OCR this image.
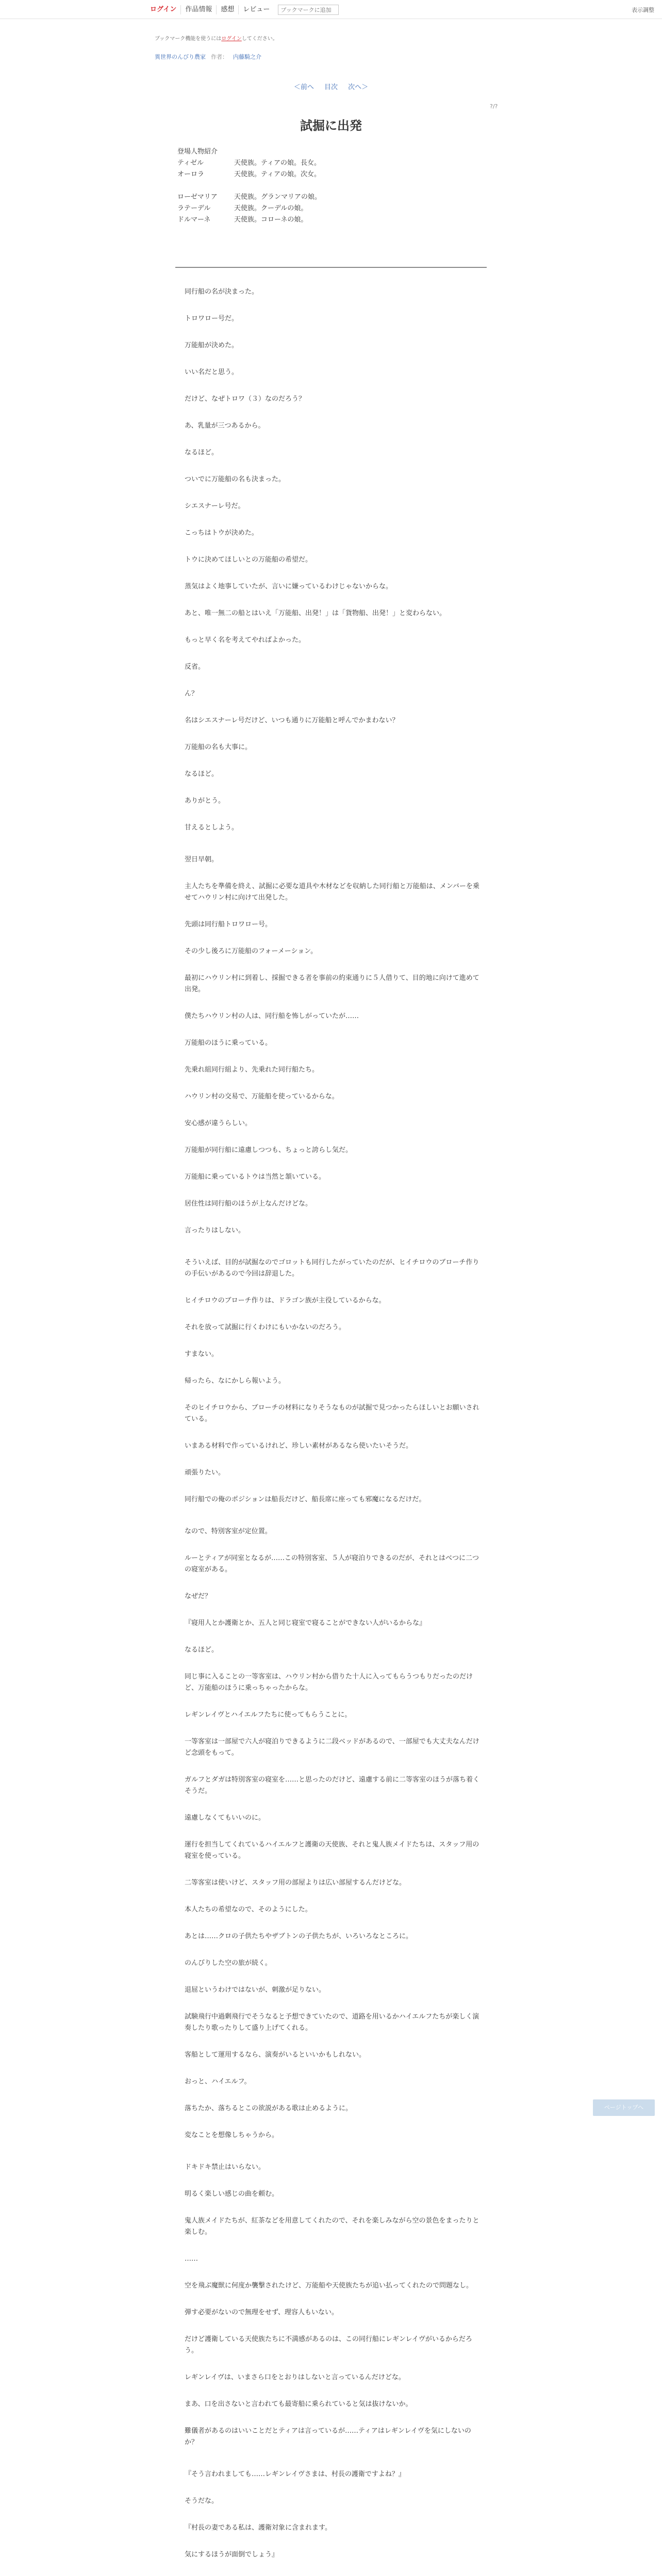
ログイン	作品情報	感想	レビュー
ブックマークに追加	表示調整
ブックマーク機能を使うにはログインしてください。
異世界のんびり農家 作者： 内藤騎之介
＜前へ 目次 次へ＞
?/?
試掘に出発
登場人物紹介
ティゼル	天使族。ティアの娘。長女。
オーロラ	天使族。ティアの娘。次女。
ローゼマリア	天使族。グランマリアの娘。
ラテーデル	天使族。クーデルの娘。
ドルマーネ	天使族。コローネの娘。

同行船の名が決まった。

トロワロー号だ。

万能船が決めた。

いい名だと思う。

だけど、なぜトロワ（３）なのだろう？

あ、乳量が三つあるから。

なるほど。

ついでに万能船の名も決まった。

シエスナーレ号だ。

こっちはトウが決めた。

トウに決めてほしいとの万能船の希望だ。

蒸気はよく地事していたが、言いに嫌っているわけじゃないからな。

あと、唯一無二の船とはいえ「万能船、出発！」は「貨物船、出発！」と変わらない。

もっと早く名を考えてやればよかった。

反省。

ん？

名はシエスナーレ号だけど、いつも通りに万能船と呼んでかまわない？

万能船の名も大事に。

なるほど。

ありがとう。

甘えるとしよう。

翌日早朝。

主人たちを準備を終え、試掘に必要な道具や木材などを収納した同行船と万能船は、メンバーを乗せてハウリン村に向けて出発した。

先頭は同行船トロワロー号。

その少し後ろに万能船のフォーメーション。

最初にハウリン村に到着し、採掘できる者を事前の約束通りに５人借りて、目的地に向けて進めて出発。

僕たちハウリン村の人は、同行船を怖しがっていたが……

万能船のほうに乗っている。

先乗れ組同行組より、先乗れた同行船たち。

ハウリン村の交易で、万能船を使っているからな。

安心感が違うらしい。

万能船が同行船に遠慮しつつも、ちょっと誇らし気だ。

万能船に乗っているトウは当然と頷いている。

居住性は同行船のほうが上なんだけどな。

言ったりはしない。

そういえば、目的が試掘なのでゴロットも同行したがっていたのだが、ヒイチロウのブローチ作りの手伝いがあるので今回は辞退した。

ヒイチロウのブローチ作りは、ドラゴン族が主役しているからな。

それを放って試掘に行くわけにもいかないのだろう。

すまない。

帰ったら、なにかしら報いよう。

そのヒイチロウから、ブローチの材料になりそうなものが試掘で見つかったらほしいとお願いされている。

いまある材料で作っているけれど、珍しい素材があるなら使いたいそうだ。

頑張りたい。

同行船での俺のポジションは船長だけど、船長席に座っても邪魔になるだけだ。

なので、特別客室が定位置。

ルーとティアが同室となるが……この特別客室、５人が寝泊りできるのだが、それとはべつに二つの寝室がある。

なぜだ？

『寝用人とか護衛とか、五人と同じ寝室で寝ることができない人がいるからな』

なるほど。

同じ事に入ることの一等客室は、ハウリン村から借りた十人に入ってもらうつもりだったのだけど、万能船のほうに乗っちゃったからな。

レギンレイヴとハイエルフたちに使ってもらうことに。

一等客室は一部屋で六人が寝泊りできるように二段ベッドがあるので、一部屋でも大丈夫なんだけど念頭をもって。

ガルフとダガは特別客室の寝室を……と思ったのだけど、遠慮する前に二等客室のほうが落ち着くそうだ。

遠慮しなくてもいいのに。

運行を担当してくれているハイエルフと護衛の天使族、それと鬼人族メイドたちは、スタッフ用の寝室を使っている。

二等客室は使いけど、スタッフ用の部屋よりは広い部屋するんだけどな。

本人たちの希望なので、そのようにした。

あとは……クロの子供たちやザブトンの子供たちが、いろいろなところに。

のんびりした空の旅が続く。

退屈というわけではないが、刺激が足りない。

試験飛行中過剰飛行でそうなると予想できていたので、道路を用いるかハイエルフたちが楽しく演奏したり歌ったりして盛り上げてくれる。

客船として運用するなら、演奏がいるといいかもしれない。

おっと、ハイエルフ。

落ちたか、落ちるとこの欲説がある歌は止めるように。

変なことを想像しちゃうから。

ドキドキ禁止はいらない。

明るく楽しい感じの曲を頼む。

鬼人族メイドたちが、紅茶などを用意してくれたので、それを楽しみながら空の景色をまったりと楽しむ。

……

空を飛ぶ魔獣に何度か襲撃されたけど、万能船や天使族たちが追い払ってくれたので問題なし。

弾す必要がないので無理をせず、理容人もいない。

だけど護衛している天使族たちに不満感があるのは、この同行船にレギンレイヴがいるからだろう。

レギンレイヴは、いまさら口をとおりはしないと言っているんだけどな。

まあ、口を出さないと言われても最寄船に乗られていると気は抜けないか。

難儀者があるのはいいことだとティアは言っているが……ティアはレギンレイヴを気にしないのか？

『そう言われましても……レギンレイヴさまは、村長の護衛ですよね？』

そうだな。

『村長の妻である私は、護衛対象に含まれます。

気にするほうが面倒でしょう』

ページトップへ
